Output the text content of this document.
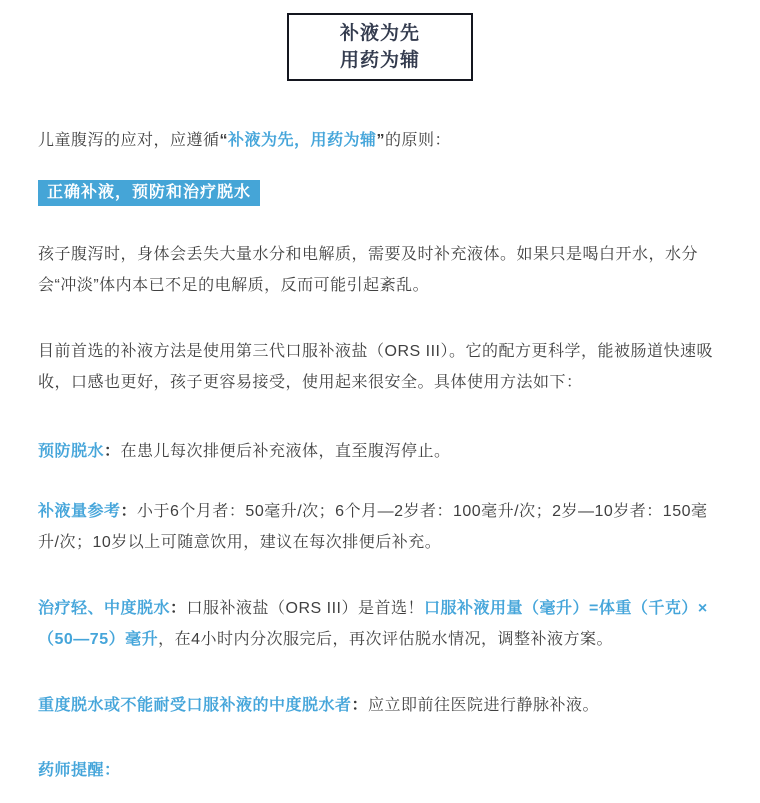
补液为先
用药为辅

儿童腹泻的应对，应遵循“补液为先，用药为辅”的原则：

正确补液，预防和治疗脱水

孩子腹泻时，身体会丢失大量水分和电解质，需要及时补充液体。如果只是喝白开水，水分会“冲淡”体内本已不足的电解质，反而可能引起紊乱。

目前首选的补液方法是使用第三代口服补液盐（ORS III）。它的配方更科学，能被肠道快速吸收，口感也更好，孩子更容易接受，使用起来很安全。具体使用方法如下：

预防脱水：在患儿每次排便后补充液体，直至腹泻停止。

补液量参考：小于6个月者：50毫升/次；6个月—2岁者：100毫升/次；2岁—10岁者：150毫升/次；10岁以上可随意饮用，建议在每次排便后补充。

治疗轻、中度脱水：口服补液盐（ORS III）是首选！口服补液用量（毫升）=体重（千克）×（50—75）毫升，在4小时内分次服完后，再次评估脱水情况，调整补液方案。

重度脱水或不能耐受口服补液的中度脱水者：应立即前往医院进行静脉补液。

药师提醒：
